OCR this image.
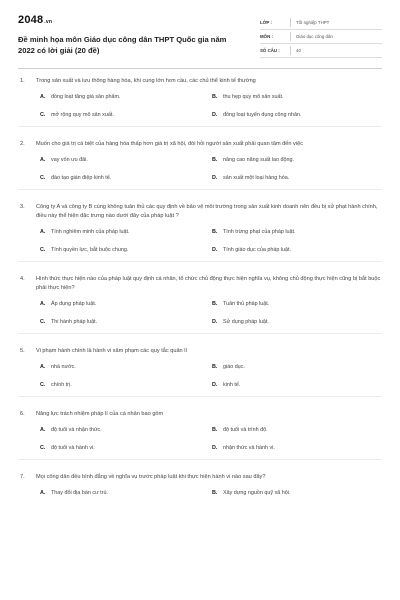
2048 .vn
Đề minh họa môn Giáo dục công dân THPT Quốc gia năm 2022 có lời giải (20 đề)
LỚP :	Tốt nghiệp THPT
MÔN :	Giáo dục công dân
SỐ CÂU :	40
1.	Trong sản xuất và lưu thông hàng hóa, khi cung lớn hơn cầu, các chủ thể kinh tế thường
A.	đồng loạt tăng giá sản phẩm.	B.	thu hẹp quy mô sản xuất.
C.	mở rộng quy mô sản xuất.	D.	đồng loạt tuyển dụng công nhân.
2.	Muốn cho giá trị cá biệt của hàng hóa thấp hơn giá trị xã hội, đòi hỏi người sản xuất phải quan tâm đến việc
A.	vay vốn ưu đãi.	B.	nâng cao năng suất lao động.
C.	đào tạo gián điệp kinh tế.	D.	sản xuất một loại hàng hóa.
3.	Công ty A và công ty B cùng không tuân thủ các quy định về bảo vệ môi trường trong sản xuất kinh doanh nên đều bị xử phạt hành chính, điều này thể hiện đặc trưng nào dưới đây của pháp luật ?
A.	Tính nghiêm minh của pháp luật.	B.	Tính trừng phạt của pháp luật.
C.	Tính quyền lực, bắt buộc chung.	D.	Tính giáo dục của pháp luật.
4.	Hình thức thực hiện nào của pháp luật quy định cá nhân, tổ chức chủ động thực hiện nghĩa vụ, không chủ động thực hiện cũng bị bắt buộc phải thực hiện?
A.	Áp dụng pháp luật.	B.	Tuân thủ pháp luật.
C.	Thi hành pháp luật.	D.	Sử dụng pháp luật.
5.	Vi phạm hành chính là hành vi xâm phạm các quy tắc quản lí
A.	nhà nước.	B.	giáo dục.
C.	chính trị.	D.	kinh tế.
6.	Năng lực trách nhiệm pháp lí của cá nhân bao gồm
A.	độ tuổi và nhận thức.	B.	độ tuổi và trình độ.
C.	độ tuổi và hành vi.	D.	nhận thức và hành vi.
7.	Mọi công dân đều bình đẳng về nghĩa vụ trước pháp luật khi thực hiện hành vi nào sau đây?
A.	Thay đổi địa bàn cư trú.	B.	Xây dựng nguồn quỹ xã hội.
